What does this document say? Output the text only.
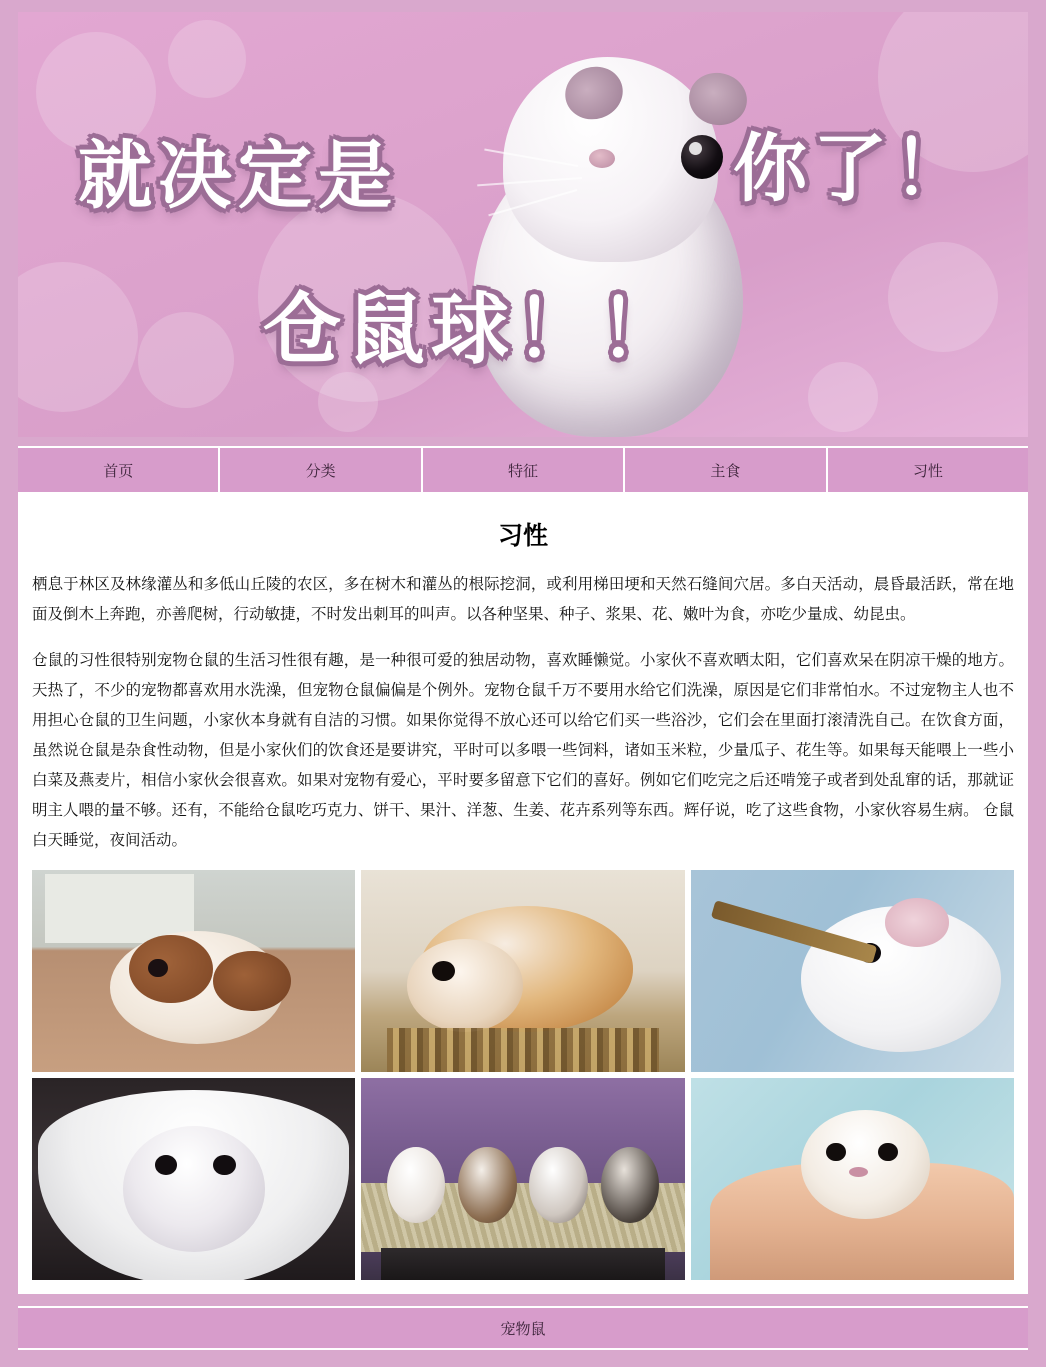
就决定是	你了！
仓鼠球！！
首页	分类	特征	主食	习性
习性

栖息于林区及林缘灌丛和多低山丘陵的农区，多在树木和灌丛的根际挖洞，或利用梯田埂和天然石缝间穴居。多白天活动，晨昏最活跃，常在地面及倒木上奔跑，亦善爬树，行动敏捷，不时发出刺耳的叫声。以各种坚果、种子、浆果、花、嫩叶为食，亦吃少量成、幼昆虫。

仓鼠的习性很特别宠物仓鼠的生活习性很有趣，是一种很可爱的独居动物，喜欢睡懒觉。小家伙不喜欢晒太阳，它们喜欢呆在阴凉干燥的地方。天热了，不少的宠物都喜欢用水洗澡，但宠物仓鼠偏偏是个例外。宠物仓鼠千万不要用水给它们洗澡，原因是它们非常怕水。不过宠物主人也不用担心仓鼠的卫生问题，小家伙本身就有自洁的习惯。如果你觉得不放心还可以给它们买一些浴沙，它们会在里面打滚清洗自己。在饮食方面，虽然说仓鼠是杂食性动物，但是小家伙们的饮食还是要讲究，平时可以多喂一些饲料，诸如玉米粒，少量瓜子、花生等。如果每天能喂上一些小白菜及燕麦片，相信小家伙会很喜欢。如果对宠物有爱心，平时要多留意下它们的喜好。例如它们吃完之后还啃笼子或者到处乱窜的话，那就证明主人喂的量不够。还有，不能给仓鼠吃巧克力、饼干、果汁、洋葱、生姜、花卉系列等东西。辉仔说，吃了这些食物，小家伙容易生病。 仓鼠白天睡觉，夜间活动。

宠物鼠
